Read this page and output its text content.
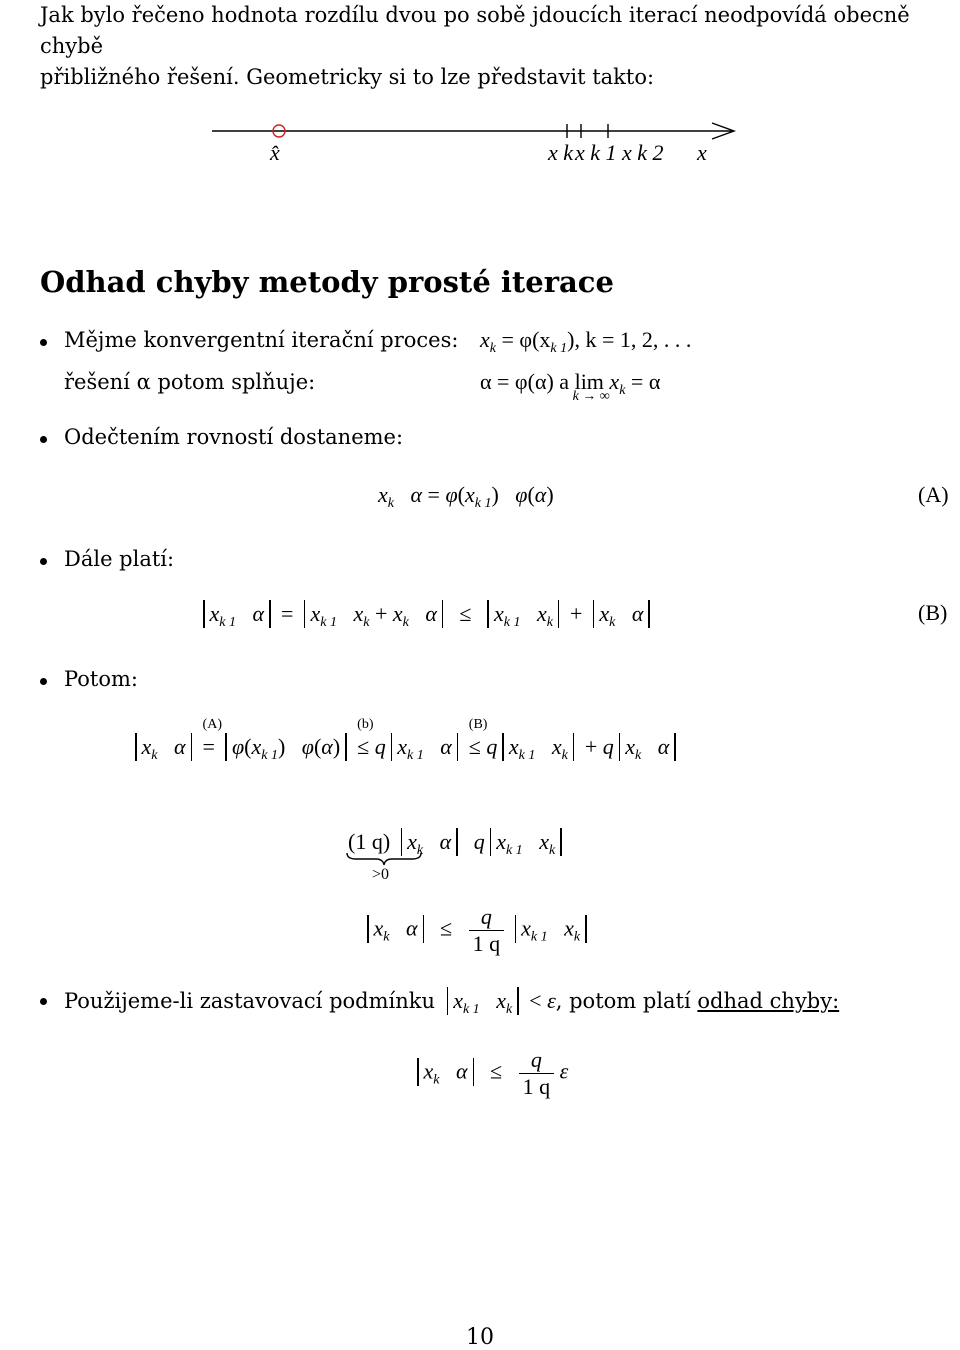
Jak bylo řečeno hodnota rozdílu dvou po sobě jdoucích iterací neodpovídá obecně chybě
přibližného řešení. Geometricky si to lze představit takto:
x̂	x k x k 1 x k 2 x
Odhad chyby metody prosté iterace
Mějme konvergentní iterační proces: $x_k = \varphi(x_{k 1})$, k = 1, 2, . . .
řešení α potom splňuje:	α = φ(α) a lim
k → ∞
$x_k = \alpha$
Odečtením rovností dostaneme:
$x_k$ $\alpha = \varphi(x_{k 1})$   φ(α)	(A)
Dále platí:
$x_{k 1}$ $\alpha = x_{k 1}$ $x_k + x_k$ $\alpha \le x_{k 1}$ $x_k + x_k$ α	(B)
Potom:
$x_k$ α
(A)
= $\varphi(x_{k 1})$   φ(α)
(b)
≤ q $x_{k 1}$ α
(B)
≤ q $x_{k 1}$ $x_k + q$ $x_k$ α
(1 q) $x_k$ α q $x_{k 1}$ $x_k$
>0
$x_k$ $\alpha \le \frac{q}{1 q} x_{k 1}$ $x_k$
Použijeme-li zastavovací podmínku $x_{k 1}$ $x_k < \varepsilon$, potom platí odhad chyby:
$x_k$ $\alpha \le \frac{q}{1 q}$ ε
10
